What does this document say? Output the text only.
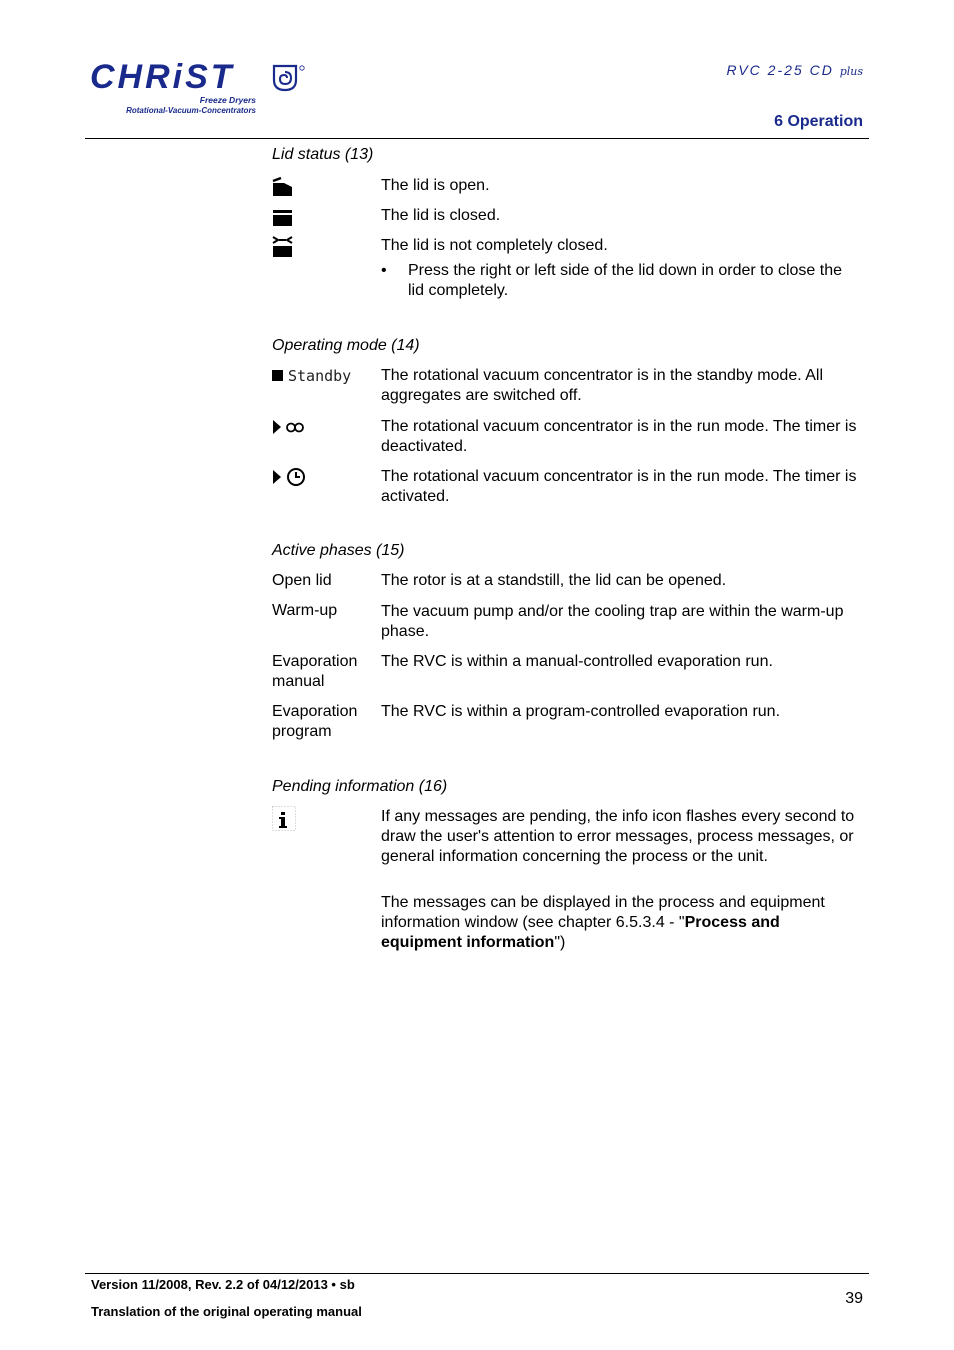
CHRiST
Freeze Dryers
Rotational-Vacuum-Concentrators
RVC 2-25 CD plus
6 Operation
Lid status (13)
The lid is open.
The lid is closed.
The lid is not completely closed.
• Press the right or left side of the lid down in order to close the lid completely.
Operating mode (14)
Standby The rotational vacuum concentrator is in the standby mode. All aggregates are switched off.
The rotational vacuum concentrator is in the run mode. The timer is deactivated.
The rotational vacuum concentrator is in the run mode. The timer is activated.
Active phases (15)
Open lid	The rotor is at a standstill, the lid can be opened.
Warm-up	The vacuum pump and/or the cooling trap are within the warm-up phase.
Evaporation manual
The RVC is within a manual-controlled evaporation run.
Evaporation program
The RVC is within a program-controlled evaporation run.
Pending information (16)
If any messages are pending, the info icon flashes every second to draw the user's attention to error messages, process messages, or general information concerning the process or the unit.
The messages can be displayed in the process and equipment information window (see chapter 6.5.3.4 - "Process and equipment information")
Version 11/2008, Rev. 2.2 of 04/12/2013 • sb
Translation of the original operating manual
39
